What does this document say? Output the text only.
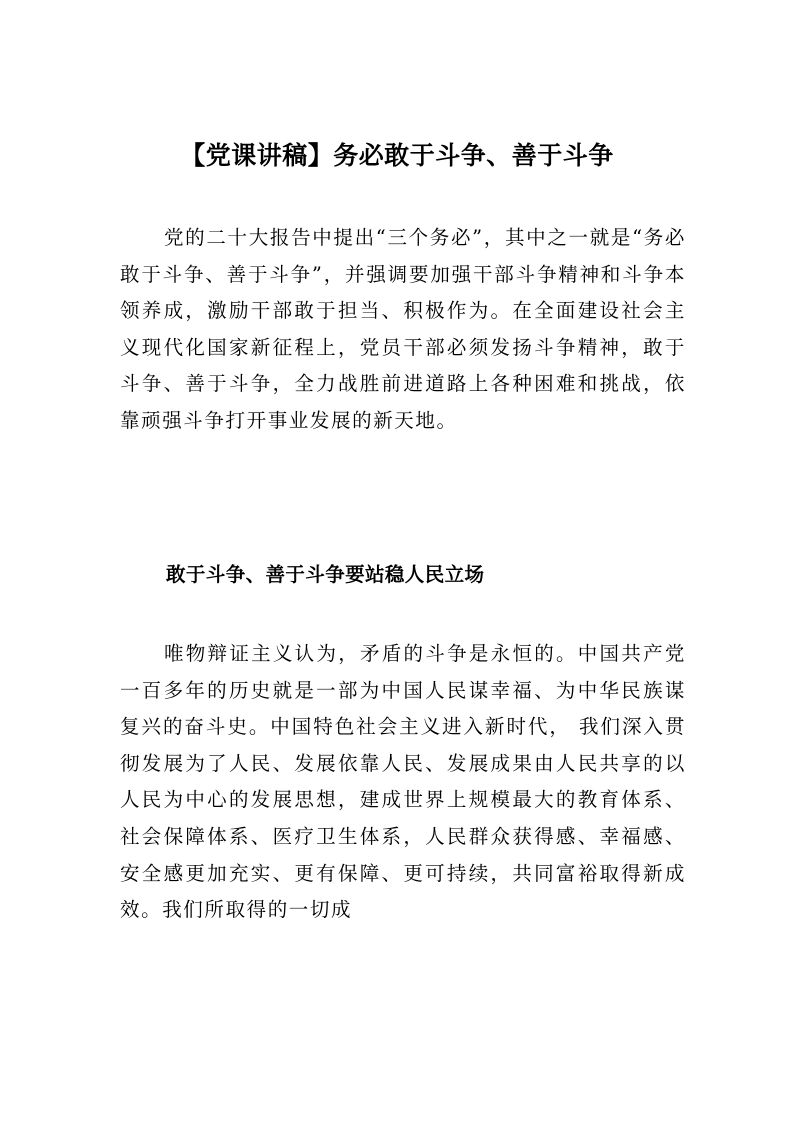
【党课讲稿】务必敢于斗争、善于斗争

党的二十大报告中提出“三个务必”，其中之一就是“务必敢于斗争、善于斗争”，并强调要加强干部斗争精神和斗争本领养成，激励干部敢于担当、积极作为。在全面建设社会主义现代化国家新征程上，党员干部必须发扬斗争精神，敢于斗争、善于斗争，全力战胜前进道路上各种困难和挑战，依靠顽强斗争打开事业发展的新天地。

敢于斗争、善于斗争要站稳人民立场

唯物辩证主义认为，矛盾的斗争是永恒的。中国共产党一百多年的历史就是一部为中国人民谋幸福、为中华民族谋复兴的奋斗史。中国特色社会主义进入新时代， 我们深入贯彻发展为了人民、发展依靠人民、发展成果由人民共享的以人民为中心的发展思想，建成世界上规模最大的教育体系、社会保障体系、医疗卫生体系，人民群众获得感、幸福感、安全感更加充实、更有保障、更可持续，共同富裕取得新成效。我们所取得的一切成
